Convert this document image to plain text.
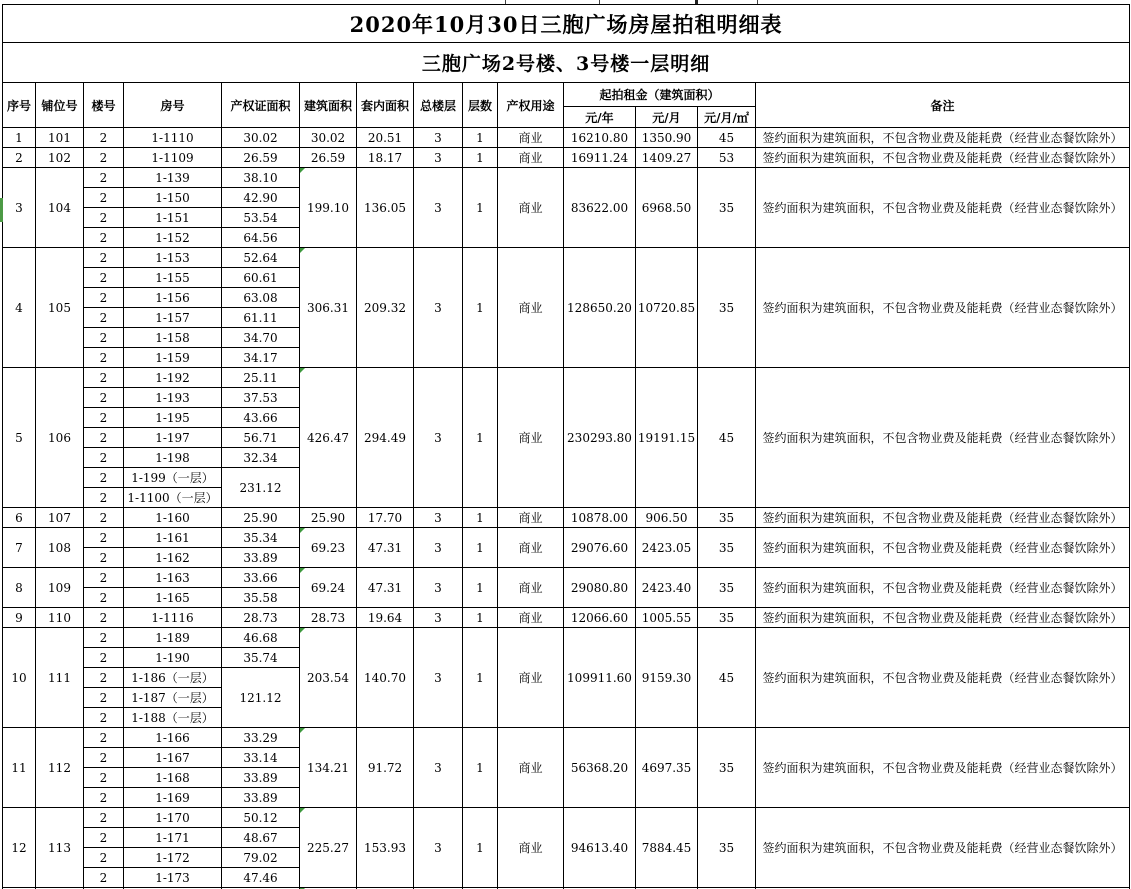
2020年10月30日三胞广场房屋拍租明细表													
三胞广场2号楼、3号楼一层明细													
序号	铺位号	楼号	房号	产权证面积	建筑面积	套内面积	总楼层	层数	产权用途	起拍租金（建筑面积）			备注
										元/年	元/月	元/月/㎡	
1	101	2	1-1110	30.02	30.02	20.51	3	1	商业	16210.80	1350.90	45	签约面积为建筑面积，不包含物业费及能耗费（经营业态餐饮除外）
2	102	2	1-1109	26.59	26.59	18.17	3	1	商业	16911.24	1409.27	53	签约面积为建筑面积，不包含物业费及能耗费（经营业态餐饮除外）
3	104	2	1-139	38.10	199.10	136.05	3	1	商业	83622.00	6968.50	35	签约面积为建筑面积，不包含物业费及能耗费（经营业态餐饮除外）
		2	1-150	42.90									
		2	1-151	53.54									
		2	1-152	64.56									
4	105	2	1-153	52.64	306.31	209.32	3	1	商业	128650.20	10720.85	35	签约面积为建筑面积，不包含物业费及能耗费（经营业态餐饮除外）
		2	1-155	60.61									
		2	1-156	63.08									
		2	1-157	61.11									
		2	1-158	34.70									
		2	1-159	34.17									
5	106	2	1-192	25.11	426.47	294.49	3	1	商业	230293.80	19191.15	45	签约面积为建筑面积，不包含物业费及能耗费（经营业态餐饮除外）
		2	1-193	37.53									
		2	1-195	43.66									
		2	1-197	56.71									
		2	1-198	32.34									
		2	1-199（一层）	231.12									
		2	1-1100（一层）										
6	107	2	1-160	25.90	25.90	17.70	3	1	商业	10878.00	906.50	35	签约面积为建筑面积，不包含物业费及能耗费（经营业态餐饮除外）
7	108	2	1-161	35.34	69.23	47.31	3	1	商业	29076.60	2423.05	35	签约面积为建筑面积，不包含物业费及能耗费（经营业态餐饮除外）
		2	1-162	33.89									
8	109	2	1-163	33.66	69.24	47.31	3	1	商业	29080.80	2423.40	35	签约面积为建筑面积，不包含物业费及能耗费（经营业态餐饮除外）
		2	1-165	35.58									
9	110	2	1-1116	28.73	28.73	19.64	3	1	商业	12066.60	1005.55	35	签约面积为建筑面积，不包含物业费及能耗费（经营业态餐饮除外）
10	111	2	1-189	46.68	203.54	140.70	3	1	商业	109911.60	9159.30	45	签约面积为建筑面积，不包含物业费及能耗费（经营业态餐饮除外）
		2	1-190	35.74									
		2	1-186（一层）	121.12									
		2	1-187（一层）										
		2	1-188（一层）										
11	112	2	1-166	33.29	134.21	91.72	3	1	商业	56368.20	4697.35	35	签约面积为建筑面积，不包含物业费及能耗费（经营业态餐饮除外）
		2	1-167	33.14									
		2	1-168	33.89									
		2	1-169	33.89									
12	113	2	1-170	50.12	225.27	153.93	3	1	商业	94613.40	7884.45	35	签约面积为建筑面积，不包含物业费及能耗费（经营业态餐饮除外）
		2	1-171	48.67									
		2	1-172	79.02									
		2	1-173	47.46									
